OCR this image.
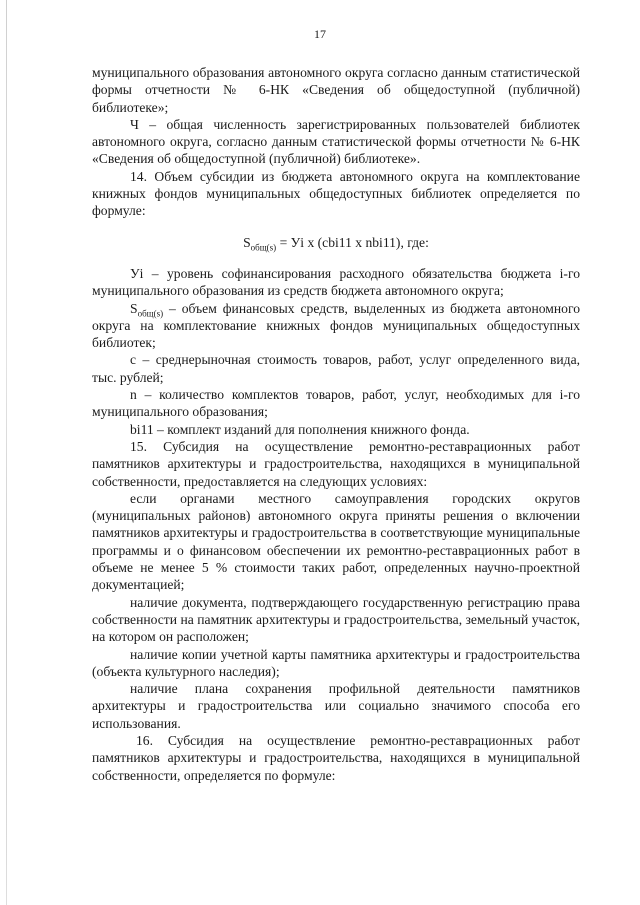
17

муниципального образования автономного округа согласно данным статистической формы отчетности № 6-НК «Сведения об общедоступной (публичной) библиотеке»;

Ч – общая численность зарегистрированных пользователей библиотек автономного округа, согласно данным статистической формы отчетности № 6-НК «Сведения об общедоступной (публичной) библиотеке».

14. Объем субсидии из бюджета автономного округа на комплектование книжных фондов муниципальных общедоступных библиотек определяется по формуле:

$S_{общ(s)}$ = Уi x (cbi11 x nbi11), где:

Уi – уровень софинансирования расходного обязательства бюджета i-го муниципального образования из средств бюджета автономного округа;

$S_{общ(s)}$ – объем финансовых средств, выделенных из бюджета автономного округа на комплектование книжных фондов муниципальных общедоступных библиотек;

с – среднерыночная стоимость товаров, работ, услуг определенного вида, тыс. рублей;

n – количество комплектов товаров, работ, услуг, необходимых для i-го муниципального образования;

bi11 – комплект изданий для пополнения книжного фонда.

15. Субсидия на осуществление ремонтно-реставрационных работ памятников архитектуры и градостроительства, находящихся в муниципальной собственности, предоставляется на следующих условиях:

если органами местного самоуправления городских округов (муниципальных районов) автономного округа приняты решения о включении памятников архитектуры и градостроительства в соответствующие муниципальные программы и о финансовом обеспечении их ремонтно-реставрационных работ в объеме не менее 5 % стоимости таких работ, определенных научно-проектной документацией;

наличие документа, подтверждающего государственную регистрацию права собственности на памятник архитектуры и градостроительства, земельный участок, на котором он расположен;

наличие копии учетной карты памятника архитектуры и градостроительства (объекта культурного наследия);

наличие плана сохранения профильной деятельности памятников архитектуры и градостроительства или социально значимого способа его использования.

16. Субсидия на осуществление ремонтно-реставрационных работ памятников архитектуры и градостроительства, находящихся в муниципальной собственности, определяется по формуле:
